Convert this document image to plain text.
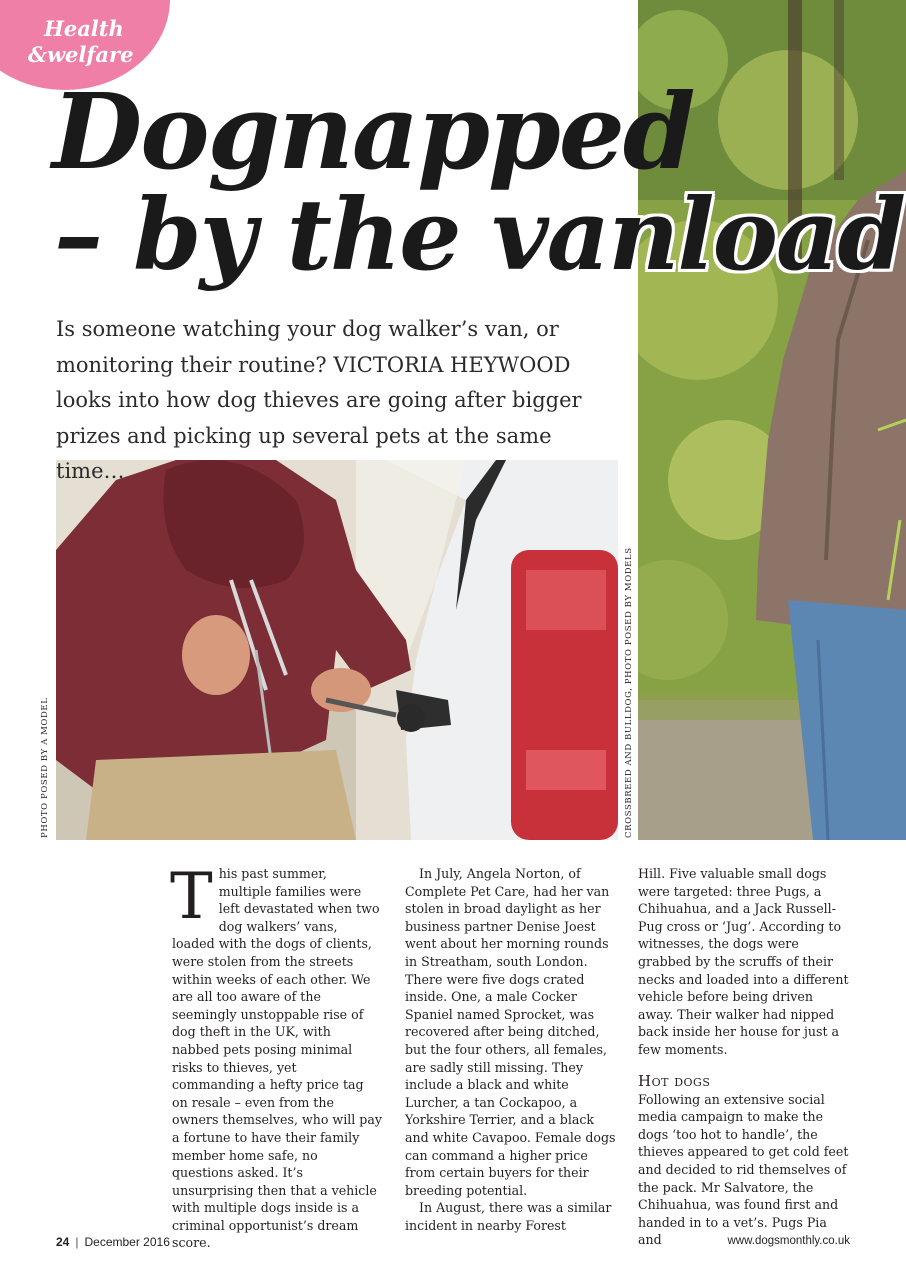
Health
&welfare
Dognapped
– by the vanload
Is someone watching your dog walker’s van, or monitoring their routine? VICTORIA HEYWOOD looks into how dog thieves are going after bigger prizes and picking up several pets at the same time…
PHOTO POSED BY A MODEL	CROSSBREED AND BULLDOG, PHOTO POSED BY MODELS

T his past summer, multiple families were left devastated when two dog walkers’ vans, loaded with the dogs of clients, were stolen from the streets within weeks of each other. We are all too aware of the seemingly unstoppable rise of dog theft in the UK, with nabbed pets posing minimal risks to thieves, yet commanding a hefty price tag on resale – even from the owners themselves, who will pay a fortune to have their family member home safe, no questions asked. It’s unsurprising then that a vehicle with multiple dogs inside is a criminal opportunist’s dream score.

In July, Angela Norton, of Complete Pet Care, had her van stolen in broad daylight as her business partner Denise Joest went about her morning rounds in Streatham, south London. There were five dogs crated inside. One, a male Cocker Spaniel named Sprocket, was recovered after being ditched, but the four others, all females, are sadly still missing. They include a black and white Lurcher, a tan Cockapoo, a Yorkshire Terrier, and a black and white Cavapoo. Female dogs can command a higher price from certain buyers for their breeding potential.

In August, there was a similar incident in nearby Forest

Hill. Five valuable small dogs were targeted: three Pugs, a Chihuahua, and a Jack Russell-Pug cross or ‘Jug’. According to witnesses, the dogs were grabbed by the scruffs of their necks and loaded into a different vehicle before being driven away. Their walker had nipped back inside her house for just a few moments.

Hot dogs

Following an extensive social media campaign to make the dogs ‘too hot to handle’, the thieves appeared to get cold feet and decided to rid themselves of the pack. Mr Salvatore, the Chihuahua, was found first and handed in to a vet’s. Pugs Pia and

24 | December 2016	www.dogsmonthly.co.uk
